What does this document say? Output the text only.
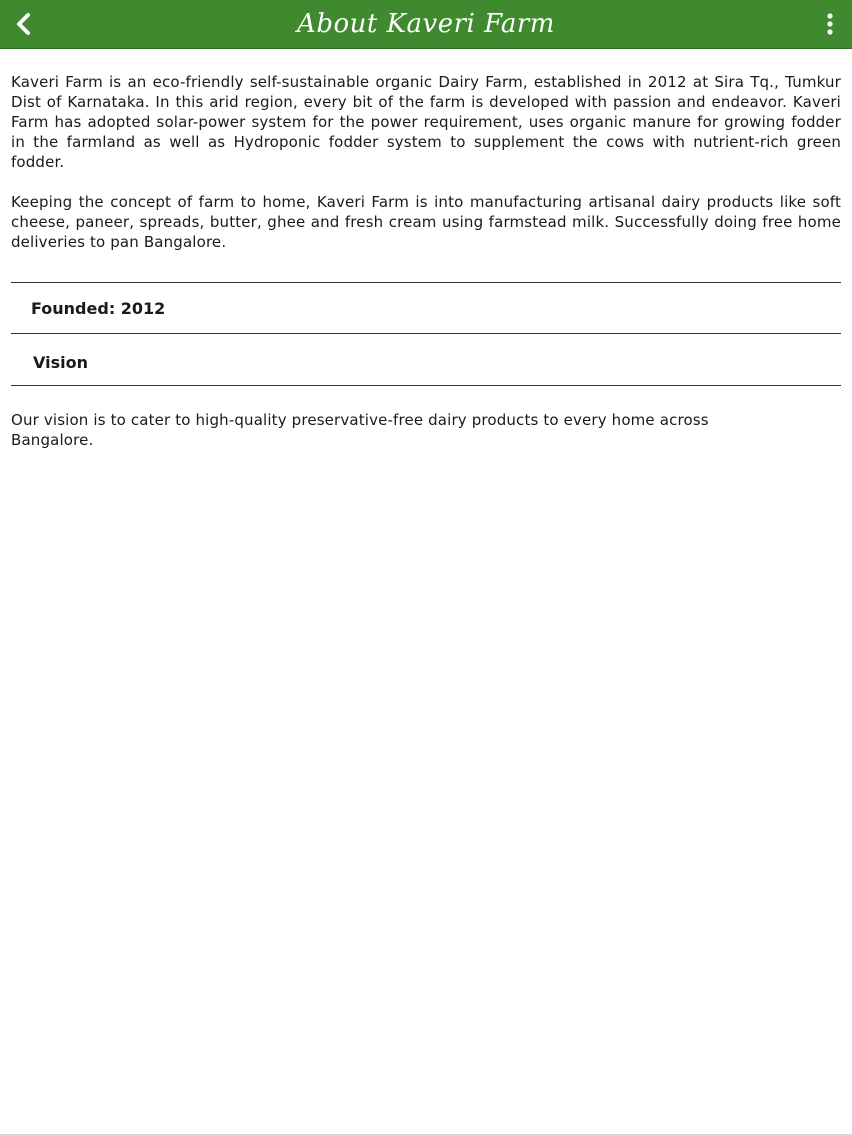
About Kaveri Farm

Kaveri Farm is an eco-friendly self-sustainable organic Dairy Farm, established in 2012 at Sira Tq., Tumkur Dist of Karnataka. In this arid region, every bit of the farm is developed with passion and endeavor. Kaveri Farm has adopted solar-power system for the power requirement, uses organic manure for growing fodder in the farmland as well as Hydroponic fodder system to supplement the cows with nutrient-rich green fodder.

Keeping the concept of farm to home, Kaveri Farm is into manufacturing artisanal dairy products like soft cheese, paneer, spreads, butter, ghee and fresh cream using farmstead milk. Successfully doing free home deliveries to pan Bangalore.

Founded: 2012
Vision

Our vision is to cater to high-quality preservative-free dairy products to every home across Bangalore.
